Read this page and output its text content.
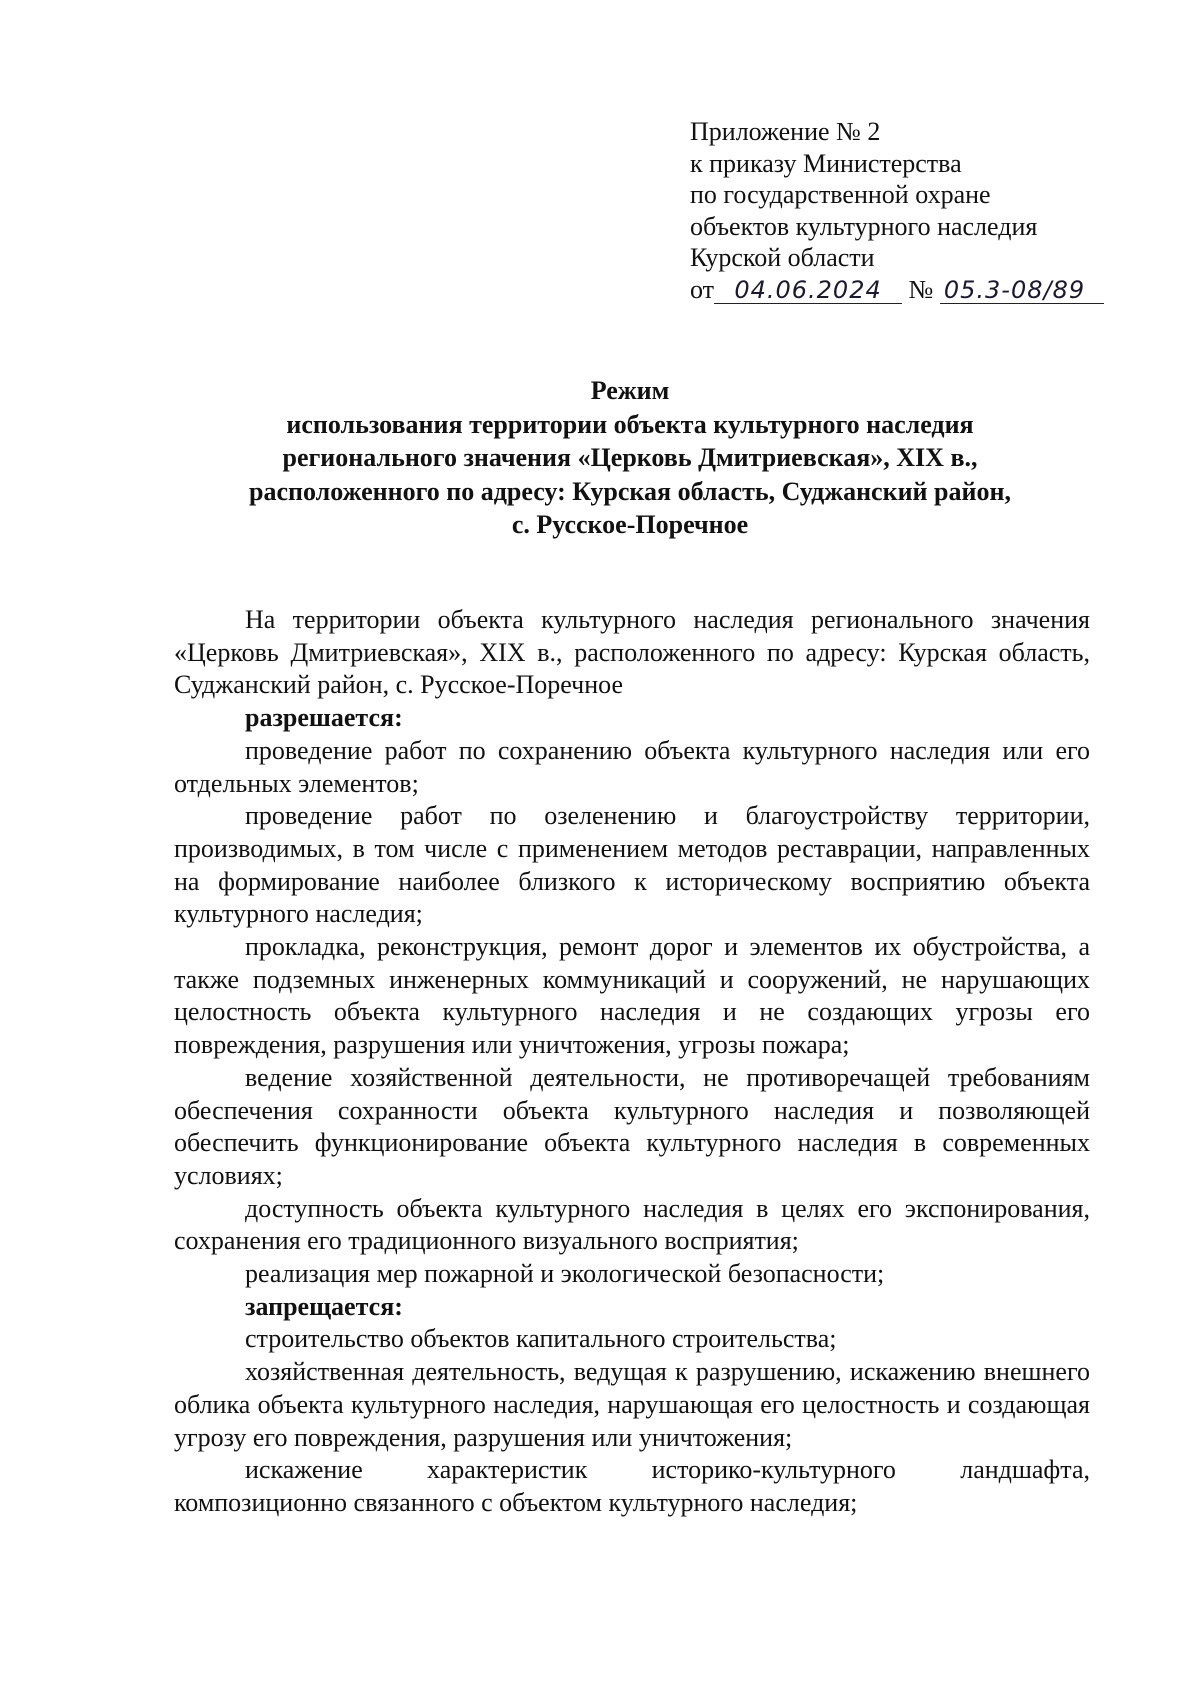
Приложение № 2
к приказу Министерства
по государственной охране
объектов культурного наследия
Курской области
от 04.06.2024 № 05.3-08/89
Режим
использования территории объекта культурного наследия
регионального значения «Церковь Дмитриевская», XIX в.,
расположенного по адресу: Курская область, Суджанский район,
с. Русское-Поречное

На территории объекта культурного наследия регионального значения «Церковь Дмитриевская», XIX в., расположенного по адресу: Курская область, Суджанский район, с. Русское-Поречное

разрешается:

проведение работ по сохранению объекта культурного наследия или его отдельных элементов;

проведение работ по озеленению и благоустройству территории, производимых, в том числе с применением методов реставрации, направленных на формирование наиболее близкого к историческому восприятию объекта культурного наследия;

прокладка, реконструкция, ремонт дорог и элементов их обустройства, а также подземных инженерных коммуникаций и сооружений, не нарушающих целостность объекта культурного наследия и не создающих угрозы его повреждения, разрушения или уничтожения, угрозы пожара;

ведение хозяйственной деятельности, не противоречащей требованиям обеспечения сохранности объекта культурного наследия и позволяющей обеспечить функционирование объекта культурного наследия в современных условиях;

доступность объекта культурного наследия в целях его экспонирования, сохранения его традиционного визуального восприятия;

реализация мер пожарной и экологической безопасности;

запрещается:

строительство объектов капитального строительства;

хозяйственная деятельность, ведущая к разрушению, искажению внешнего облика объекта культурного наследия, нарушающая его целостность и создающая угрозу его повреждения, разрушения или уничтожения;

искажение характеристик историко-культурного ландшафта, композиционно связанного с объектом культурного наследия;
